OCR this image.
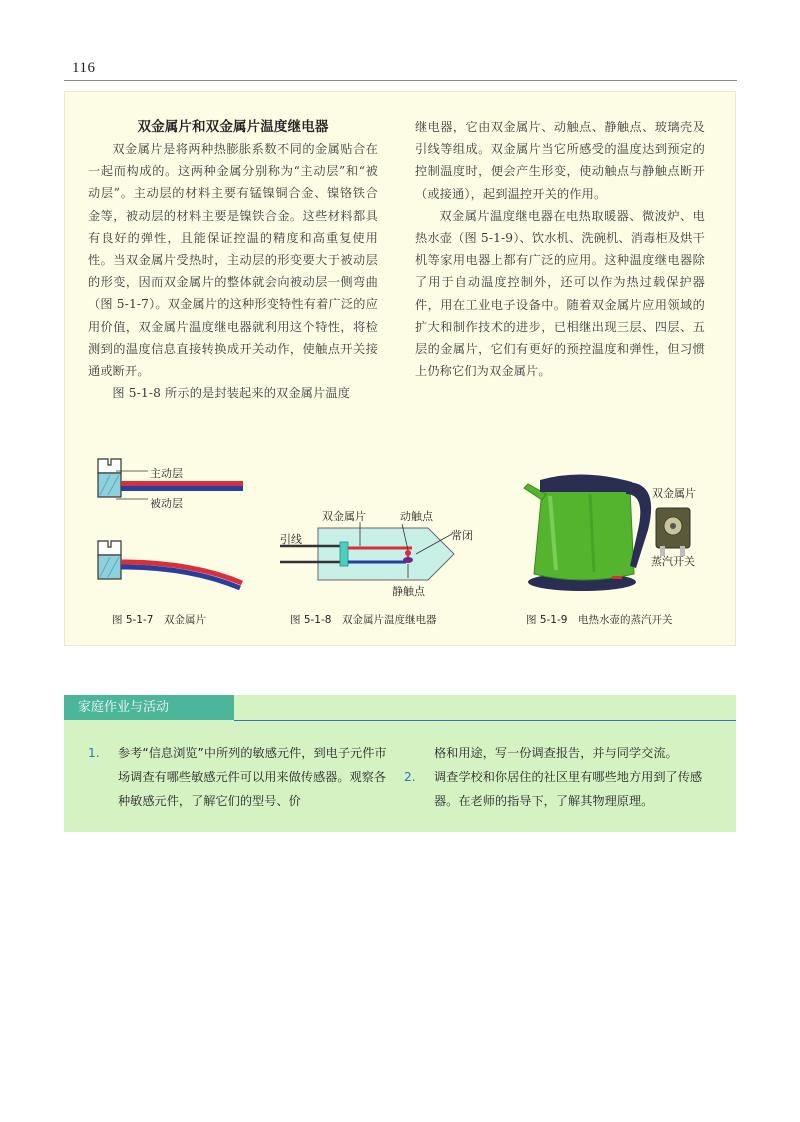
116
双金属片和双金属片温度继电器

双金属片是将两种热膨胀系数不同的金属贴合在一起而构成的。这两种金属分别称为“主动层”和“被动层”。主动层的材料主要有锰镍铜合金、镍铬铁合金等，被动层的材料主要是镍铁合金。这些材料都具有良好的弹性，且能保证控温的精度和高重复使用性。当双金属片受热时，主动层的形变要大于被动层的形变，因而双金属片的整体就会向被动层一侧弯曲（图 5-1-7）。双金属片的这种形变特性有着广泛的应用价值，双金属片温度继电器就利用这个特性，将检测到的温度信息直接转换成开关动作，使触点开关接通或断开。

图 5-1-8 所示的是封装起来的双金属片温度

继电器，它由双金属片、动触点、静触点、玻璃壳及引线等组成。双金属片当它所感受的温度达到预定的控制温度时，便会产生形变，使动触点与静触点断开（或接通），起到温控开关的作用。

双金属片温度继电器在电热取暖器、微波炉、电热水壶（图 5-1-9）、饮水机、洗碗机、消毒柜及烘干机等家用电器上都有广泛的应用。这种温度继电器除了用于自动温度控制外，还可以作为热过载保护器件，用在工业电子设备中。随着双金属片应用领域的扩大和制作技术的进步，已相继出现三层、四层、五层的金属片，它们有更好的预控温度和弹性，但习惯上仍称它们为双金属片。

主动层
被动层
图 5-1-7　双金属片
双金属片	动触点
引线	常闭
静触点
图 5-1-8　双金属片温度继电器
双金属片
蒸汽开关
图 5-1-9　电热水壶的蒸汽开关
家庭作业与活动

1. 参考“信息浏览”中所列的敏感元件，到电子元件市场调查有哪些敏感元件可以用来做传感器。观察各种敏感元件，了解它们的型号、价

格和用途，写一份调查报告，并与同学交流。

2. 调查学校和你居住的社区里有哪些地方用到了传感器。在老师的指导下，了解其物理原理。
